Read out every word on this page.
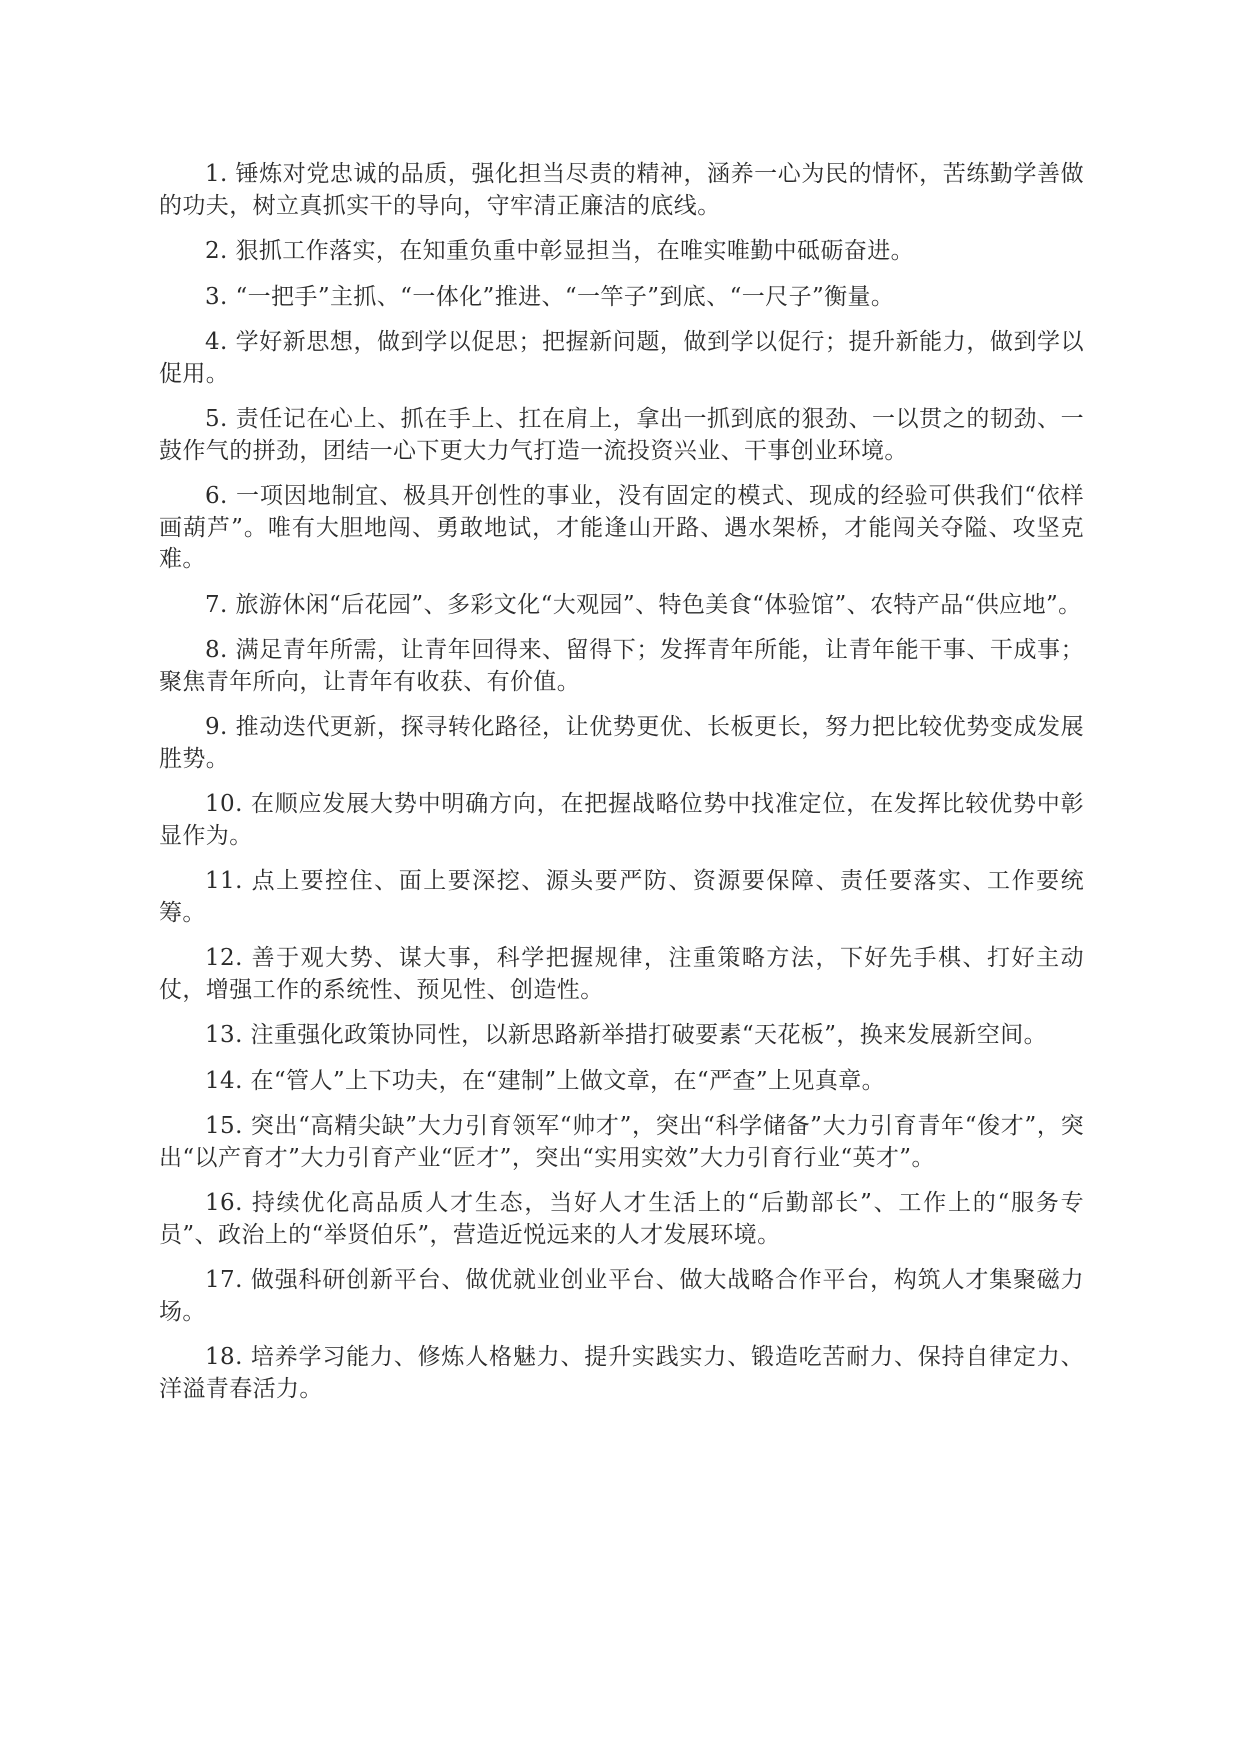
1. 锤炼对党忠诚的品质，强化担当尽责的精神，涵养一心为民的情怀，苦练勤学善做的功夫，树立真抓实干的导向，守牢清正廉洁的底线。

2. 狠抓工作落实，在知重负重中彰显担当，在唯实唯勤中砥砺奋进。

3. “一把手”主抓、“一体化”推进、“一竿子”到底、“一尺子”衡量。

4. 学好新思想，做到学以促思；把握新问题，做到学以促行；提升新能力，做到学以促用。

5. 责任记在心上、抓在手上、扛在肩上，拿出一抓到底的狠劲、一以贯之的韧劲、一鼓作气的拼劲，团结一心下更大力气打造一流投资兴业、干事创业环境。

6. 一项因地制宜、极具开创性的事业，没有固定的模式、现成的经验可供我们“依样画葫芦”。唯有大胆地闯、勇敢地试，才能逢山开路、遇水架桥，才能闯关夺隘、攻坚克难。

7. 旅游休闲“后花园”、多彩文化“大观园”、特色美食“体验馆”、农特产品“供应地”。

8. 满足青年所需，让青年回得来、留得下；发挥青年所能，让青年能干事、干成事；聚焦青年所向，让青年有收获、有价值。

9. 推动迭代更新，探寻转化路径，让优势更优、长板更长，努力把比较优势变成发展胜势。

10. 在顺应发展大势中明确方向，在把握战略位势中找准定位，在发挥比较优势中彰显作为。

11. 点上要控住、面上要深挖、源头要严防、资源要保障、责任要落实、工作要统筹。

12. 善于观大势、谋大事，科学把握规律，注重策略方法，下好先手棋、打好主动仗，增强工作的系统性、预见性、创造性。

13. 注重强化政策协同性，以新思路新举措打破要素“天花板”，换来发展新空间。

14. 在“管人”上下功夫，在“建制”上做文章，在“严查”上见真章。

15. 突出“高精尖缺”大力引育领军“帅才”，突出“科学储备”大力引育青年“俊才”，突出“以产育才”大力引育产业“匠才”，突出“实用实效”大力引育行业“英才”。

16. 持续优化高品质人才生态，当好人才生活上的“后勤部长”、工作上的“服务专员”、政治上的“举贤伯乐”，营造近悦远来的人才发展环境。

17. 做强科研创新平台、做优就业创业平台、做大战略合作平台，构筑人才集聚磁力场。

18. 培养学习能力、修炼人格魅力、提升实践实力、锻造吃苦耐力、保持自律定力、洋溢青春活力。
